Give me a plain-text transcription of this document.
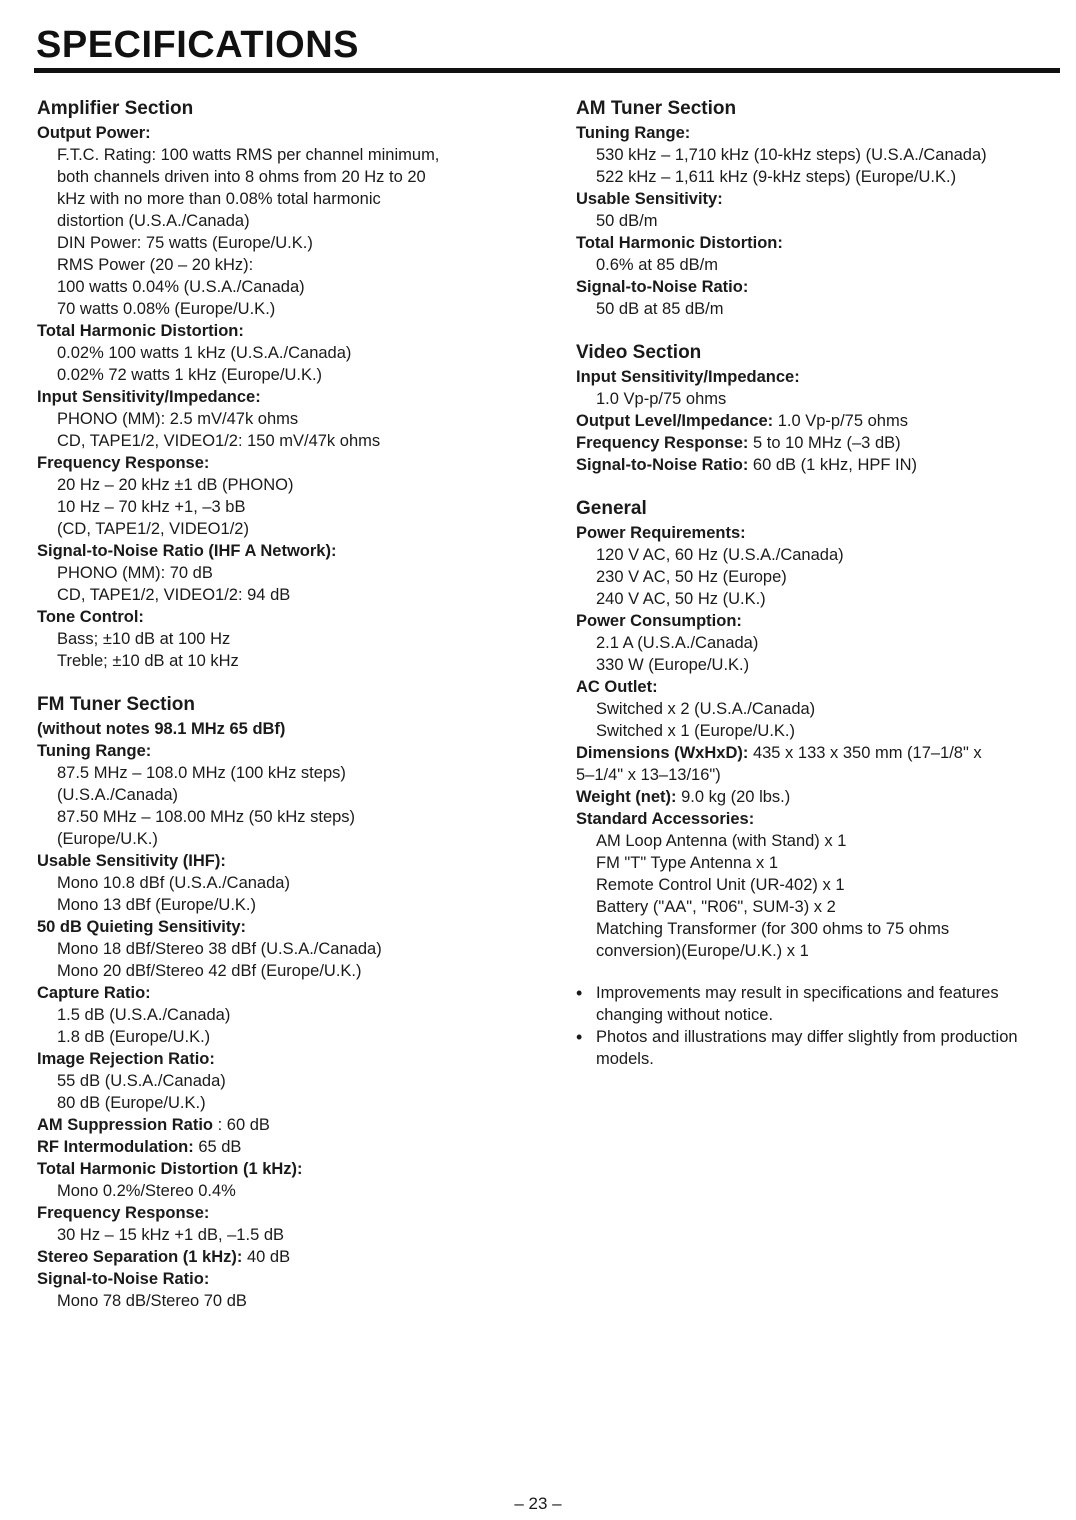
SPECIFICATIONS
Amplifier Section
Output Power:
F.T.C. Rating: 100 watts RMS per channel minimum,
both channels driven into 8 ohms from 20 Hz to 20
kHz with no more than 0.08% total harmonic
distortion (U.S.A./Canada)
DIN Power: 75 watts (Europe/U.K.)
RMS Power (20 – 20 kHz):
100 watts 0.04% (U.S.A./Canada)
70 watts 0.08% (Europe/U.K.)
Total Harmonic Distortion:
0.02% 100 watts 1 kHz (U.S.A./Canada)
0.02% 72 watts 1 kHz (Europe/U.K.)
Input Sensitivity/Impedance:
PHONO (MM): 2.5 mV/47k ohms
CD, TAPE1/2, VIDEO1/2: 150 mV/47k ohms
Frequency Response:
20 Hz – 20 kHz ±1 dB (PHONO)
10 Hz – 70 kHz +1, –3 bB
(CD, TAPE1/2, VIDEO1/2)
Signal-to-Noise Ratio (IHF A Network):
PHONO (MM): 70 dB
CD, TAPE1/2, VIDEO1/2: 94 dB
Tone Control:
Bass; ±10 dB at 100 Hz
Treble; ±10 dB at 10 kHz
FM Tuner Section
(without notes 98.1 MHz 65 dBf)
Tuning Range:
87.5 MHz – 108.0 MHz (100 kHz steps)
(U.S.A./Canada)
87.50 MHz – 108.00 MHz (50 kHz steps)
(Europe/U.K.)
Usable Sensitivity (IHF):
Mono 10.8 dBf (U.S.A./Canada)
Mono 13 dBf (Europe/U.K.)
50 dB Quieting Sensitivity:
Mono 18 dBf/Stereo 38 dBf (U.S.A./Canada)
Mono 20 dBf/Stereo 42 dBf (Europe/U.K.)
Capture Ratio:
1.5 dB (U.S.A./Canada)
1.8 dB (Europe/U.K.)
Image Rejection Ratio:
55 dB (U.S.A./Canada)
80 dB (Europe/U.K.)
AM Suppression Ratio : 60 dB
RF Intermodulation: 65 dB
Total Harmonic Distortion (1 kHz):
Mono 0.2%/Stereo 0.4%
Frequency Response:
30 Hz – 15 kHz +1 dB, –1.5 dB
Stereo Separation (1 kHz): 40 dB
Signal-to-Noise Ratio:
Mono 78 dB/Stereo 70 dB
AM Tuner Section
Tuning Range:
530 kHz – 1,710 kHz (10-kHz steps) (U.S.A./Canada)
522 kHz – 1,611 kHz (9-kHz steps) (Europe/U.K.)
Usable Sensitivity:
50 dB/m
Total Harmonic Distortion:
0.6% at 85 dB/m
Signal-to-Noise Ratio:
50 dB at 85 dB/m
Video Section
Input Sensitivity/Impedance:
1.0 Vp-p/75 ohms
Output Level/Impedance: 1.0 Vp-p/75 ohms
Frequency Response: 5 to 10 MHz (–3 dB)
Signal-to-Noise Ratio: 60 dB (1 kHz, HPF IN)
General
Power Requirements:
120 V AC, 60 Hz (U.S.A./Canada)
230 V AC, 50 Hz (Europe)
240 V AC, 50 Hz (U.K.)
Power Consumption:
2.1 A (U.S.A./Canada)
330 W (Europe/U.K.)
AC Outlet:
Switched x 2 (U.S.A./Canada)
Switched x 1 (Europe/U.K.)
Dimensions (WxHxD): 435 x 133 x 350 mm (17–1/8" x
5–1/4" x 13–13/16")
Weight (net): 9.0 kg (20 lbs.)
Standard Accessories:
AM Loop Antenna (with Stand) x 1
FM "T" Type Antenna x 1
Remote Control Unit (UR-402) x 1
Battery ("AA", "R06", SUM-3) x 2
Matching Transformer (for 300 ohms to 75 ohms
conversion)(Europe/U.K.) x 1
• Improvements may result in specifications and features changing without notice.
• Photos and illustrations may differ slightly from production models.
– 23 –
